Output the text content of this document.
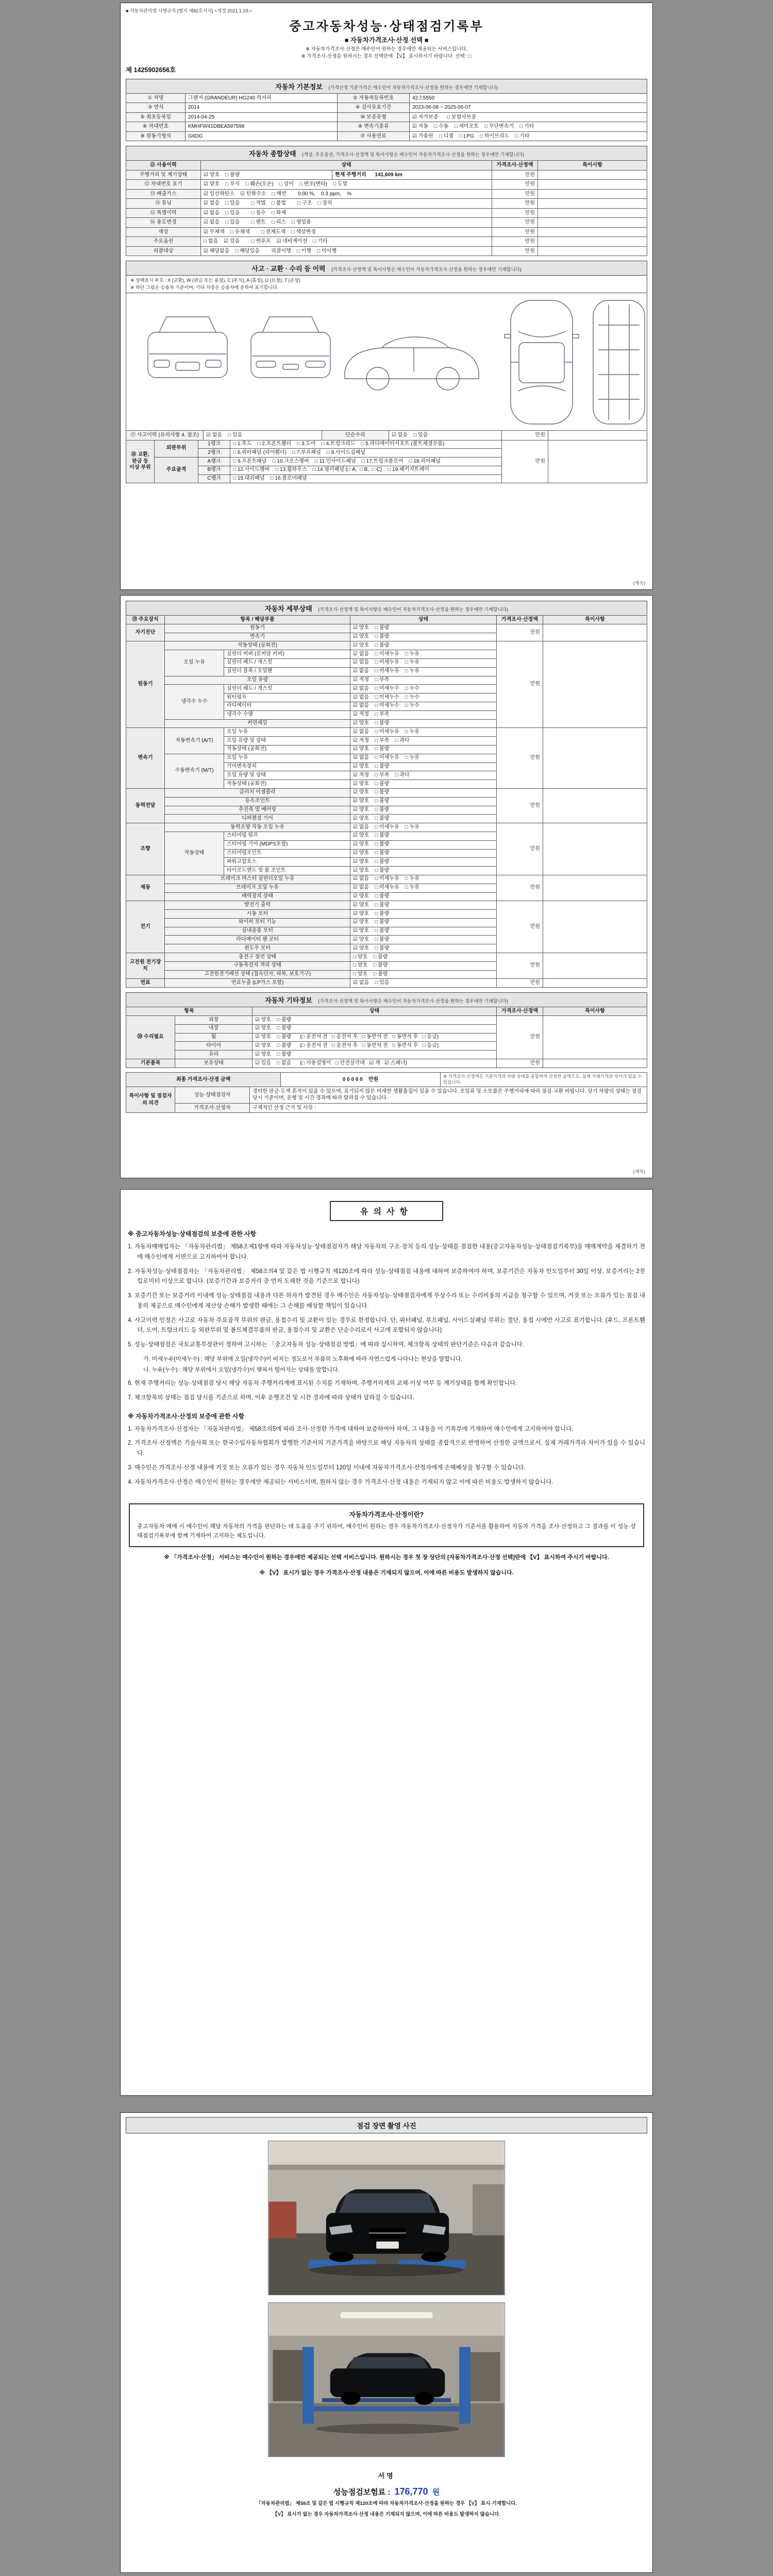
■ 자동차관리법 시행규칙 [별지 제82호서식] <개정 2021.1.19.>
중고자동차성능·상태점검기록부
■ 자동차가격조사·산정 선택 ■
※ 자동차가격조사·산정은 매수인이 원하는 경우에만 제공되는 서비스입니다.
※ 가격조사·산정을 원하시는 경우 선택란에 【V】 표시하시기 바랍니다. 선택 : □
제 1425902656호
자동차 기본정보 (가격산정 기준가격은 매수인이 자동차가격조사·산정을 원하는 경우에만 기재합니다)
① 차명	그랜저 (GRANDEUR) HG240 럭셔리	② 자동차등록번호	42소5550
③ 연식	2014	④ 검사유효기간	2023-06-08 ~ 2025-06-07
⑤ 최초등록일	2014-04-25	⑩ 보증유형	☑ 자가보증      □ 보험사보증
⑥ 차대번호	KMHFW41DBEA597598	⑧ 변속기종류	☑ 자동    □ 수동    □ 세미오토    □ 무단변속기    □ 기타
⑨ 원동기형식	G6DG	⑦ 사용연료	☑ 가솔린    □ 디젤    □ LPG    □ 하이브리드    □ 기타
자동차 종합상태 (색상, 주요옵션, 가격조사·산정액 및 특이사항은 매수인이 자동차가격조사·산정을 원하는 경우에만 기재합니다)
⑪ 사용이력	상태		가격조사·산정액	특이사항
주행거리 및 계기상태	☑ 양호    □ 불량	현재 주행거리      141,609 km	만원	
⑫ 차대번호 표기	☑ 양호    □ 부식    □ 훼손(오손)    □ 상이    □ 변조(변타)    □ 도말		만원	
⑬ 배출가스	☑ 일산화탄소    ☑ 탄화수소    □ 매연        0.00 %,    0.3 ppm,    %		만원	
⑭ 튜닝	☑ 없음    □ 있음        □ 적법    □ 불법        □ 구조    □ 장치		만원	
⑮ 특별이력	☑ 없음    □ 있음        □ 침수    □ 화재		만원	
⑯ 용도변경	☑ 없음    □ 있음        □ 렌트    □ 리스    □ 영업용		만원	
색상	☑ 무채색    □ 유채색        □ 전체도색    □ 색상변경		만원	
주요옵션	□ 없음    ☑ 있음        □ 썬루프    ☑ 네비게이션    □ 기타		만원	
리콜대상	☑ 해당없음    □ 해당있음        리콜이행 :  □ 이행    □ 미이행		만원	
사고 · 교환 · 수리 등 이력 (가격조사·산정액 및 특이사항은 매수인이 자동차가격조사·산정을 원하는 경우에만 기재합니다)
※ 상태표시 부호 : X (교환), W (판금 또는 용접), C (부식), A (흠집), U (요철), T (손상)
※ 하단 그림은 승용차 기준이며, 기타 차종은 승용차에 준하여 표기합니다.
⑰ 사고이력 (유의사항 4. 참조)	☑ 없음    □ 있음	단순수리	☑ 없음    □ 있음	만원	
⑱ 교환, 판금 등 이상 부위	외판부위	1랭크	□ 1.후드    □ 2.프론트휀더    □ 3.도어    □ 4.트렁크리드    □ 5.라디에이터서포트 (볼트체결부품)	만원	
		2랭크	□ 6.쿼터패널 (리어휀더)    □ 7.루프패널    □ 8.사이드실패널		
	주요골격	A랭크	□ 9.프론트패널    □ 10.크로스멤버    □ 11.인사이드패널    □ 17.트렁크플로어    □ 18.리어패널		
		B랭크	□ 12.사이드멤버    □ 13.휠하우스    □ 14.필러패널 (□ A,  □ B,  □ C)    □ 19.패키지트레이		
		C랭크	□ 15.대쉬패널    □ 16.플로어패널		
(계속)
자동차 세부상태 (가격조사·산정액 및 특이사항은 매수인이 자동차가격조사·산정을 원하는 경우에만 기재합니다)
⑲ 주요장치	항목 / 해당부품		상태	가격조사·산정액	특이사항
자기진단	원동기		☑ 양호    □ 불량	만원	
	변속기		☑ 양호    □ 불량		
원동기	작동상태 (공회전)		☑ 양호    □ 불량	만원	
	오일 누유	실린더 커버 (로커암 커버)	☑ 없음    □ 미세누유    □ 누유		
		실린더 헤드 / 개스킷	☑ 없음    □ 미세누유    □ 누유		
		실린더 블록 / 오일팬	☑ 없음    □ 미세누유    □ 누유		
	오일 유량		☑ 적정    □ 부족		
	냉각수 누수	실린더 헤드 / 개스킷	☑ 없음    □ 미세누수    □ 누수		
		워터펌프	☑ 없음    □ 미세누수    □ 누수		
		라디에이터	☑ 없음    □ 미세누수    □ 누수		
		냉각수 수량	☑ 적정    □ 부족		
	커먼레일		☑ 양호    □ 불량		
변속기	자동변속기 (A/T)	오일 누유	☑ 없음    □ 미세누유    □ 누유	만원	
		오일 유량 및 상태	☑ 적정    □ 부족    □ 과다		
		작동상태 (공회전)	☑ 양호    □ 불량		
	수동변속기 (M/T)	오일 누유	☑ 없음    □ 미세누유    □ 누유		
		기어변속장치	☑ 양호    □ 불량		
		오일 유량 및 상태	☑ 적정    □ 부족    □ 과다		
		작동상태 (공회전)	☑ 양호    □ 불량		
동력전달	클러치 어셈블리		☑ 양호    □ 불량	만원	
	등속조인트		☑ 양호    □ 불량		
	추진축 및 베어링		☑ 양호    □ 불량		
	디퍼렌셜 기어		☑ 양호    □ 불량		
조향	동력조향 작동 오일 누유		☑ 없음    □ 미세누유    □ 누유	만원	
	작동상태	스티어링 펌프	☑ 양호    □ 불량		
		스티어링 기어 (MDPS포함)	☑ 양호    □ 불량		
		스티어링조인트	☑ 양호    □ 불량		
		파워고압호스	☑ 양호    □ 불량		
		타이로드엔드 및 볼 조인트	☑ 양호    □ 불량		
제동	브레이크 마스터 실린더오일 누유		☑ 없음    □ 미세누유    □ 누유	만원	
	브레이크 오일 누유		☑ 없음    □ 미세누유    □ 누유		
	배력장치 상태		☑ 양호    □ 불량		
전기	발전기 출력		☑ 양호    □ 불량	만원	
	시동 모터		☑ 양호    □ 불량		
	와이퍼 모터 기능		☑ 양호    □ 불량		
	실내송풍 모터		☑ 양호    □ 불량		
	라디에이터 팬 모터		☑ 양호    □ 불량		
	윈도우 모터		☑ 양호    □ 불량		
고전원 전기장치	충전구 절연 상태		□ 양호    □ 불량	만원	
	구동축전지 격리 상태		□ 양호    □ 불량		
	고전원전기배선 상태 (접속단자, 피복, 보호기구)		□ 양호    □ 불량		
연료	연료누출 (LP가스 포함)		☑ 없음    □ 있음	만원	
자동차 기타정보 (가격조사·산정액 및 특이사항은 매수인이 자동차가격조사·산정을 원하는 경우에만 기재합니다)
항목		상태	가격조사·산정액	특이사항
⑳ 수리필요	외장	☑ 양호    □ 불량	만원	
	내장	☑ 양호    □ 불량		
	휠	☑ 양호    □ 불량      (□ 운전석 전   □ 운전석 후   □ 동반석 전   □ 동반석 후   □ 응급)		
	타이어	☑ 양호    □ 불량      (□ 운전석 전   □ 운전석 후   □ 동반석 전   □ 동반석 후   □ 응급)		
	유리	☑ 양호    □ 불량		
기본품목	보유상태	☑ 있음    □ 없음      (□ 사용설명서   □ 안전삼각대   ☑ 잭   ☑ 스패너)	만원	
최종 가격조사·산정 금액	0 0 0 0 0    만원	※ 가격조사·산정액은 기준가격과 차량 상태를 종합하여 산정한 금액으로, 실제 거래가격과 차이가 있을 수 있습니다.
특이사항 및 점검자의 의견	성능·상태점검자	경미한 판금·도색 흔적이 있을 수 있으며, 표기되지 않은 미세한 생활흠집이 있을 수 있습니다. 오일류 및 소모품은 주행거리에 따라 점검·교환 바랍니다. 상기 차량의 상태는 점검 당시 기준이며, 운행 및 시간 경과에 따라 달라질 수 있습니다.
	가격조사·산정자	구체적인 산정 근거 및 사유 :
(계속)
유의사항
※ 중고자동차성능·상태점검의 보증에 관한 사항
1. 자동차매매업자는 「자동차관리법」 제58조제1항에 따라 자동차성능·상태점검자가 해당 자동차의 구조·장치 등의 성능·상태를 점검한 내용(중고자동차성능·상태점검기록부)을 매매계약을 체결하기 전에 매수인에게 서면으로 고지하여야 합니다.
2. 자동차성능·상태점검자는 「자동차관리법」 제58조의4 및 같은 법 시행규칙 제120조에 따라 성능·상태점검 내용에 대하여 보증하여야 하며, 보증기간은 자동차 인도일부터 30일 이상, 보증거리는 2천킬로미터 이상으로 합니다. (보증기간과 보증거리 중 먼저 도래한 것을 기준으로 합니다)
3. 보증기간 또는 보증거리 이내에 성능·상태점검 내용과 다른 하자가 발견된 경우 매수인은 자동차성능·상태점검자에게 무상수리 또는 수리비용의 지급을 청구할 수 있으며, 거짓 또는 오류가 있는 점검 내용의 제공으로 매수인에게 재산상 손해가 발생한 때에는 그 손해를 배상할 책임이 있습니다.
4. 사고이력 인정은 사고로 자동차 주요골격 부위의 판금, 용접수리 및 교환이 있는 경우로 한정합니다. 단, 쿼터패널, 루프패널, 사이드실패널 부위는 절단, 용접 시에만 사고로 표기합니다. (후드, 프론트휀더, 도어, 트렁크리드 등 외판부위 및 볼트체결부품의 판금, 용접수리 및 교환은 단순수리로서 사고에 포함되지 않습니다)
5. 성능·상태점검은 국토교통부장관이 정하여 고시하는 「중고자동차 성능·상태점검 방법」에 따라 실시하며, 체크항목 상태의 판단기준은 다음과 같습니다.
가. 미세누유(미세누수) : 해당 부위에 오일(냉각수)이 비치는 정도로서 부품의 노후화에 따라 자연스럽게 나타나는 현상을 말합니다.
나. 누유(누수) : 해당 부위에서 오일(냉각수)이 맺혀서 떨어지는 상태를 말합니다.
6. 현재 주행거리는 성능·상태점검 당시 해당 자동차 주행거리계에 표시된 수치를 기재하며, 주행거리계의 교체·이상 여부 등 계기상태를 함께 확인합니다.
7. 체크항목의 상태는 점검 당시를 기준으로 하며, 이후 운행조건 및 시간 경과에 따라 상태가 달라질 수 있습니다.
※ 자동차가격조사·산정의 보증에 관한 사항
1. 자동차가격조사·산정자는 「자동차관리법」 제58조의5에 따라 조사·산정한 가격에 대하여 보증하여야 하며, 그 내용을 이 기록부에 기재하여 매수인에게 고지하여야 합니다.
2. 가격조사·산정액은 기술사회 또는 한국수입자동차협회가 발행한 기준서의 기준가격을 바탕으로 해당 자동차의 상태를 종합적으로 반영하여 산정한 금액으로서, 실제 거래가격과 차이가 있을 수 있습니다.
3. 매수인은 가격조사·산정 내용에 거짓 또는 오류가 있는 경우 자동차 인도일부터 120일 이내에 자동차가격조사·산정자에게 손해배상을 청구할 수 있습니다.
4. 자동차가격조사·산정은 매수인이 원하는 경우에만 제공되는 서비스이며, 원하지 않는 경우 가격조사·산정 내용은 기재되지 않고 이에 따른 비용도 발생하지 않습니다.
자동차가격조사·산정이란?
중고자동차 매매 시 매수인이 해당 자동차의 가격을 판단하는 데 도움을 주기 위하여, 매수인이 원하는 경우 자동차가격조사·산정자가 기준서를 활용하여 자동차 가격을 조사·산정하고 그 결과를 이 성능·상태점검기록부에 함께 기재하여 고지하는 제도입니다.
※ 「가격조사·산정」 서비스는 매수인이 원하는 경우에만 제공되는 선택 서비스입니다. 원하시는 경우 첫 장 상단의 [자동차가격조사·산정 선택]란에 【V】 표시하여 주시기 바랍니다.
※ 【V】 표시가 없는 경우 가격조사·산정 내용은 기재되지 않으며, 이에 따른 비용도 발생하지 않습니다.
점검 장면 촬영 사진
서명
성능점검보험료 : 176,770 원
「자동차관리법」 제58조 및 같은 법 시행규칙 제120조에 따라 자동차가격조사·산정을 원하는 경우 【V】 표시·기재합니다.
【V】 표시가 없는 경우 자동차가격조사·산정 내용은 기재되지 않으며, 이에 따른 비용도 발생하지 않습니다.
